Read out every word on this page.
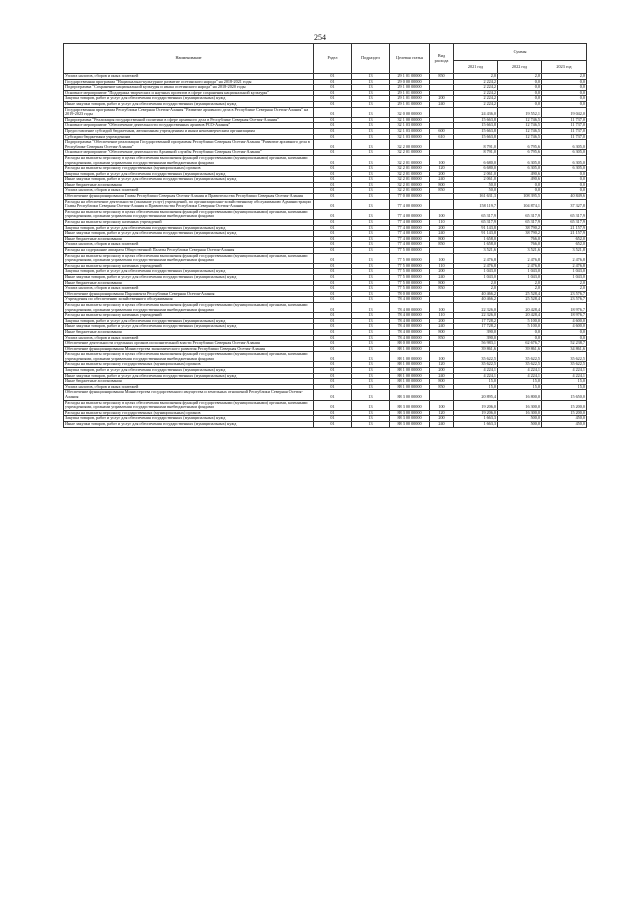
254
Наименование	Рздел	Подраздел	Целевая статья	Вид расхода	Суммы		
					2021 год	2022 год	2023 год
Уплата налогов, сборов и иных платежей	01	13	29 1 01 00000	850	2,0	2,0	2,0
Государственная программа "Национально-культурное развитие осетинского народа" на 2018-2021 годы	01	13	29 0 00 00000		2 224,2	0,0	0,0
Подпрограмма "Сохранение национальной культуры и языка осетинского народа" на 2018-2020 годы	01	13	29 1 00 00000		2 224,2	0,0	0,0
Основное мероприятие "Поддержка творческих и научных проектов в сфере сохранения национальной культуры"	01	13	29 1 01 00000		2 224,2	0,0	0,0
Закупка товаров, работ и услуг для обеспечения государственных (муниципальных) нужд	01	13	29 1 01 00000	200	2 224,2	0,0	0,0
Иные закупки товаров, работ и услуг для обеспечения государственных (муниципальных) нужд	01	13	29 1 01 00000	240	2 224,2	0,0	0,0
Государственная программа Республики Северная Осетия-Алания "Развитие архивного дела в Республике Северная Осетия-Алания" на 2019-2023 годы	01	13	32 0 00 00000		24 436,0	19 552,1	19 042,0
Подпрограмма "Реализация государственной политики в сфере архивного дела в Республике Северная Осетия-Алания"	01	13	32 1 00 00000		15 663,8	12 746,5	11 737,0
Основное мероприятие "Обеспечение деятельности государственных архивов РСО-Алания"	01	13	32 1 03 00000		15 663,8	12 746,5	11 737,0
Предоставление субсидий бюджетным, автономным учреждениям и иным некоммерческим организациям	01	13	32 1 03 00000	600	15 663,8	12 746,5	11 737,0
Субсидии бюджетным учреждениям	01	13	32 1 03 00000	610	15 663,8	12 746,5	11 737,0
Подпрограмма "Обеспечение реализации Государственной программы Республики Северная Осетия-Алания "Развитие архивного дела в Республике Северная Осетия-Алания"	01	13	32 2 00 00000		8 791,0	6 795,6	6 305,0
Основное мероприятие "Обеспечение деятельности Архивной службы Республики Северная Осетия-Алания"	01	13	32 2 01 00000		8 791,0	6 795,6	6 305,0
Расходы на выплаты персоналу в целях обеспечения выполнения функций государственными (муниципальными) органами, казенными учреждениями, органами управления государственными внебюджетными фондами	01	13	32 2 01 00000	100	6 680,0	6 305,0	6 305,0
Расходы на выплаты персоналу государственных (муниципальных) органов	01	13	32 2 01 00000	120	6 680,0	6 305,0	6 305,0
Закупка товаров, работ и услуг для обеспечения государственных (муниципальных) нужд	01	13	32 2 01 00000	200	2 061,0	490,6	0,0
Иные закупки товаров, работ и услуг для обеспечения государственных (муниципальных) нужд	01	13	32 2 01 00000	240	2 061,0	490,6	0,0
Иные бюджетные ассигнования	01	13	32 2 01 00000	800	50,0	0,0	0,0
Уплата налогов, сборов и иных платежей	01	13	32 2 01 00000	850	50,0	0,0	0,0
Обеспечение функционирования Главы Республики Северная Осетия-Алания и Правительства Республики Северная Осетия-Алания	01	13	77 0 00 00000		161 631,3	108 395,5	40 849,6
Расходы на обеспечение деятельности (оказание услуг) учреждений, по организационно-хозяйственному обслуживанию Администрации Главы Республики Северная Осетия-Алания и Правительства Республики Северная Осетия-Алания	01	13	77 4 00 00000		158 119,7	104 874,1	37 327,8
Расходы на выплаты персоналу в целях обеспечения выполнения функций государственными (муниципальными) органами, казенными учреждениями, органами управления государственными внебюджетными фондами	01	13	77 4 00 00000	100	65 317,9	65 317,9	65 317,9
Расходы на выплаты персоналу казенных учреждений	01	13	77 4 00 00000	110	65 317,9	65 317,9	65 317,9
Закупка товаров, работ и услуг для обеспечения государственных (муниципальных) нужд	01	13	77 4 00 00000	200	91 143,8	38 790,2	21 157,9
Иные закупки товаров, работ и услуг для обеспечения государственных (муниципальных) нужд	01	13	77 4 00 00000	240	91 143,8	38 790,2	21 157,9
Иные бюджетные ассигнования	01	13	77 4 00 00000	800	1 658,0	766,0	652,0
Уплата налогов, сборов и иных платежей	01	13	77 4 00 00000	850	1 658,0	766,0	652,0
Расходы на содержание аппарата Общественной Палаты Республики Северная Осетия-Алания	01	13	77 5 00 00000		3 521,6	3 521,6	3 521,8
Расходы на выплаты персоналу в целях обеспечения выполнения функций государственными (муниципальными) органами, казенными учреждениями, органами управления государственными внебюджетными фондами	01	13	77 5 00 00000	100	2 476,8	2 476,8	2 476,8
Расходы на выплаты персоналу казенных учреждений	01	13	77 5 00 00000	110	2 476,8	2 476,8	2 476,8
Закупка товаров, работ и услуг для обеспечения государственных (муниципальных) нужд	01	13	77 5 00 00000	200	1 043,0	1 043,0	1 043,0
Иные закупки товаров, работ и услуг для обеспечения государственных (муниципальных) нужд	01	13	77 5 00 00000	240	1 043,0	1 043,0	1 043,0
Иные бюджетные ассигнования	01	13	77 5 00 00000	800	2,0	2,0	2,0
Уплата налогов, сборов и иных платежей	01	13	77 5 00 00000	850	2,0	2,0	2,0
Обеспечение функционирования Парламента Республики Северная Осетия-Алания	01	13	78 0 00 00000		40 466,2	25 528,4	23 576,7
Учреждения по обеспечению хозяйственного обслуживания	01	13	78 4 00 00000		40 466,2	25 528,4	23 576,7
Расходы на выплаты персоналу в целях обеспечения выполнения функций государственными (муниципальными) органами, казенными учреждениями, органами управления государственными внебюджетными фондами	01	13	78 4 00 00000	100	22 326,0	20 428,4	18 976,7
Расходы на выплаты персоналу казенных учреждений	01	13	78 4 00 00000	110	22 326,0	20 428,4	18 976,7
Закупка товаров, работ и услуг для обеспечения государственных (муниципальных) нужд	01	13	78 4 00 00000	200	17 728,2	5 100,0	4 600,0
Иные закупки товаров, работ и услуг для обеспечения государственных (муниципальных) нужд	01	13	78 4 00 00000	240	17 728,2	5 100,0	4 600,0
Иные бюджетные ассигнования	01	13	78 4 00 00000	800	390,0	0,0	0,0
Уплата налогов, сборов и иных платежей	01	13	78 4 00 00000	850	390,0	0,0	0,0
Обеспечение деятельности отдельных органов исполнительной власти Республики Северная Осетия-Алания	01	13	88 0 00 00000		56 983,1	62 676,7	52 238,7
Обеспечение функционирования Министерства экономического развития Республики Северная Осетия-Алания	01	13	88 1 00 00000		39 861,6	39 861,6	34 861,6
Расходы на выплаты персоналу в целях обеспечения выполнения функций государственными (муниципальными) органами, казенными учреждениями, органами управления государственными внебюджетными фондами	01	13	88 1 00 00000	100	35 622,5	35 622,5	35 622,5
Расходы на выплаты персоналу государственных (муниципальных) органов	01	13	88 1 00 00000	120	35 622,5	35 622,5	35 622,5
Закупка товаров, работ и услуг для обеспечения государственных (муниципальных) нужд	01	13	88 1 00 00000	200	4 224,1	4 224,1	4 224,1
Иные закупки товаров, работ и услуг для обеспечения государственных (муниципальных) нужд	01	13	88 1 00 00000	240	4 224,1	4 224,1	4 224,1
Иные бюджетные ассигнования	01	13	88 1 00 00000	800	15,0	15,0	15,0
Уплата налогов, сборов и иных платежей	01	13	88 1 00 00000	850	15,0	15,0	15,0
Обеспечение функционирования Министерства государственного имущества и земельных отношений Республики Северная Осетия-Алания	01	13	88 3 00 00000		20 895,4	16 800,0	15 650,0
Расходы на выплаты персоналу в целях обеспечения выполнения функций государственными (муниципальными) органами, казенными учреждениями, органами управления государственными внебюджетными фондами	01	13	88 3 00 00000	100	19 206,0	16 300,0	15 200,0
Расходы на выплаты персоналу государственных (муниципальных) органов	01	13	88 3 00 00000	120	19 206,0	16 300,0	15 200,0
Закупка товаров, работ и услуг для обеспечения государственных (муниципальных) нужд	01	13	88 3 00 00000	200	1 663,3	500,0	450,0
Иные закупки товаров, работ и услуг для обеспечения государственных (муниципальных) нужд	01	13	88 3 00 00000	240	1 663,3	500,0	450,0
